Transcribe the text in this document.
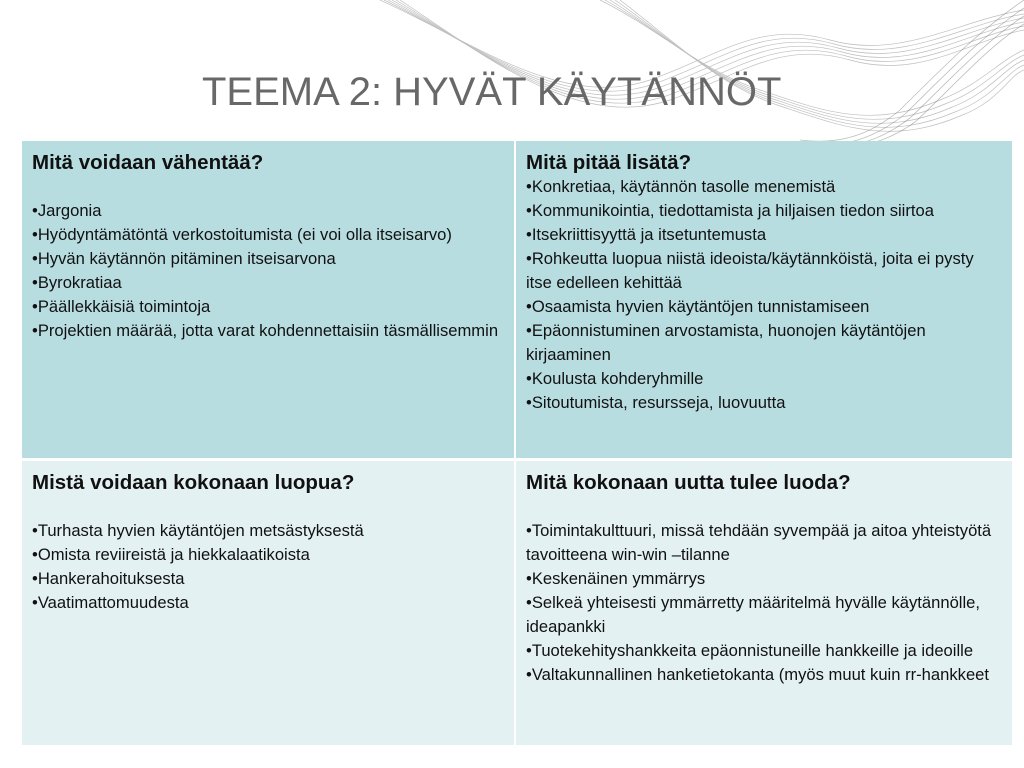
TEEMA 2: HYVÄT KÄYTÄNNÖT
Mitä voidaan vähentää?
• Jargonia
• Hyödyntämätöntä verkostoitumista (ei voi olla itseisarvo)
• Hyvän käytännön pitäminen itseisarvona
• Byrokratiaa
• Päällekkäisiä toimintoja
• Projektien määrää, jotta varat kohdennettaisiin täsmällisemmin
Mitä pitää lisätä?
• Konkretiaa, käytännön tasolle menemistä
• Kommunikointia, tiedottamista ja hiljaisen tiedon siirtoa
• Itsekriittisyyttä ja itsetuntemusta
• Rohkeutta luopua niistä ideoista/käytännköistä, joita ei pysty itse edelleen kehittää
• Osaamista hyvien käytäntöjen tunnistamiseen
• Epäonnistuminen arvostamista, huonojen käytäntöjen kirjaaminen
• Koulusta kohderyhmille
• Sitoutumista, resursseja, luovuutta
Mistä voidaan kokonaan luopua?
• Turhasta hyvien käytäntöjen metsästyksestä
• Omista reviireistä ja hiekkalaatikoista
• Hankerahoituksesta
• Vaatimattomuudesta
Mitä kokonaan uutta tulee luoda?
• Toimintakulttuuri, missä tehdään syvempää ja aitoa yhteistyötä tavoitteena win-win –tilanne
• Keskenäinen ymmärrys
• Selkeä yhteisesti ymmärretty määritelmä hyvälle käytännölle, ideapankki
• Tuotekehityshankkeita epäonnistuneille hankkeille ja ideoille
• Valtakunnallinen hanketietokanta (myös muut kuin rr-hankkeet
